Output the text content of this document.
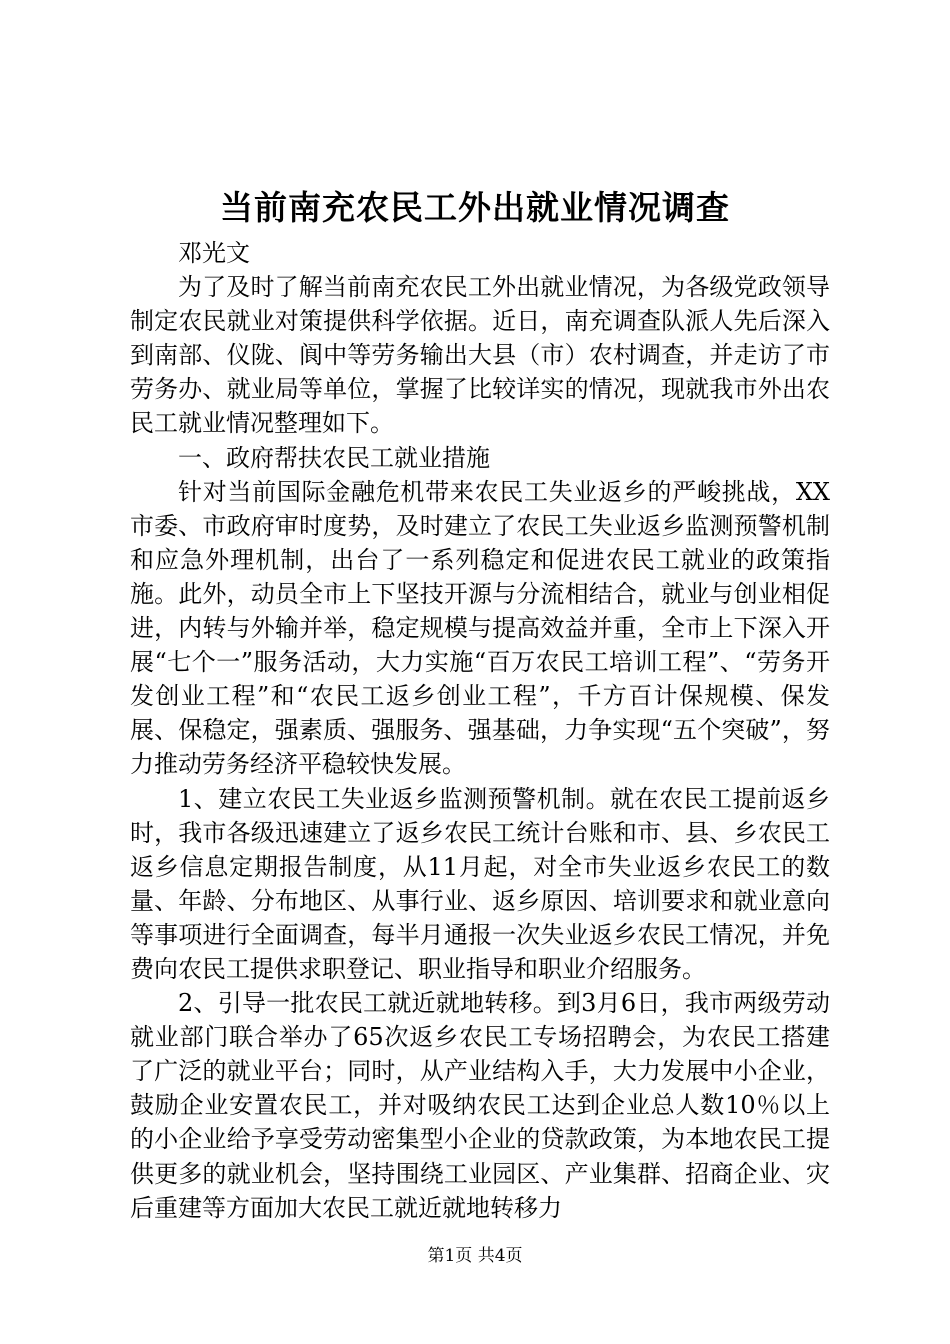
当前南充农民工外出就业情况调查

邓光文

为了及时了解当前南充农民工外出就业情况，为各级党政领导制定农民就业对策提供科学依据。近日，南充调查队派人先后深入到南部、仪陇、阆中等劳务输出大县（市）农村调查，并走访了市劳务办、就业局等单位，掌握了比较详实的情况，现就我市外出农民工就业情况整理如下。

一、政府帮扶农民工就业措施

针对当前国际金融危机带来农民工失业返乡的严峻挑战，XX市委、市政府审时度势，及时建立了农民工失业返乡监测预警机制和应急外理机制，出台了一系列稳定和促进农民工就业的政策指施。此外，动员全市上下坚技开源与分流相结合，就业与创业相促进，内转与外输并举，稳定规模与提高效益并重，全市上下深入开展“七个一”服务活动，大力实施“百万农民工培训工程”、“劳务开发创业工程”和“农民工返乡创业工程”，千方百计保规模、保发展、保稳定，强素质、强服务、强基础，力争实现“五个突破”，努力推动劳务经济平稳较快发展。

1、建立农民工失业返乡监测预警机制。就在农民工提前返乡时，我市各级迅速建立了返乡农民工统计台账和市、县、乡农民工返乡信息定期报告制度，从11月起，对全市失业返乡农民工的数量、年龄、分布地区、从事行业、返乡原因、培训要求和就业意向等事项进行全面调查，每半月通报一次失业返乡农民工情况，并免费向农民工提供求职登记、职业指导和职业介绍服务。

2、引导一批农民工就近就地转移。到3月6日，我市两级劳动就业部门联合举办了65次返乡农民工专场招聘会，为农民工搭建了广泛的就业平台；同时，从产业结构入手，大力发展中小企业，鼓励企业安置农民工，并对吸纳农民工达到企业总人数10％以上的小企业给予享受劳动密集型小企业的贷款政策，为本地农民工提供更多的就业机会，坚持围绕工业园区、产业集群、招商企业、灾后重建等方面加大农民工就近就地转移力

第1页 共4页
